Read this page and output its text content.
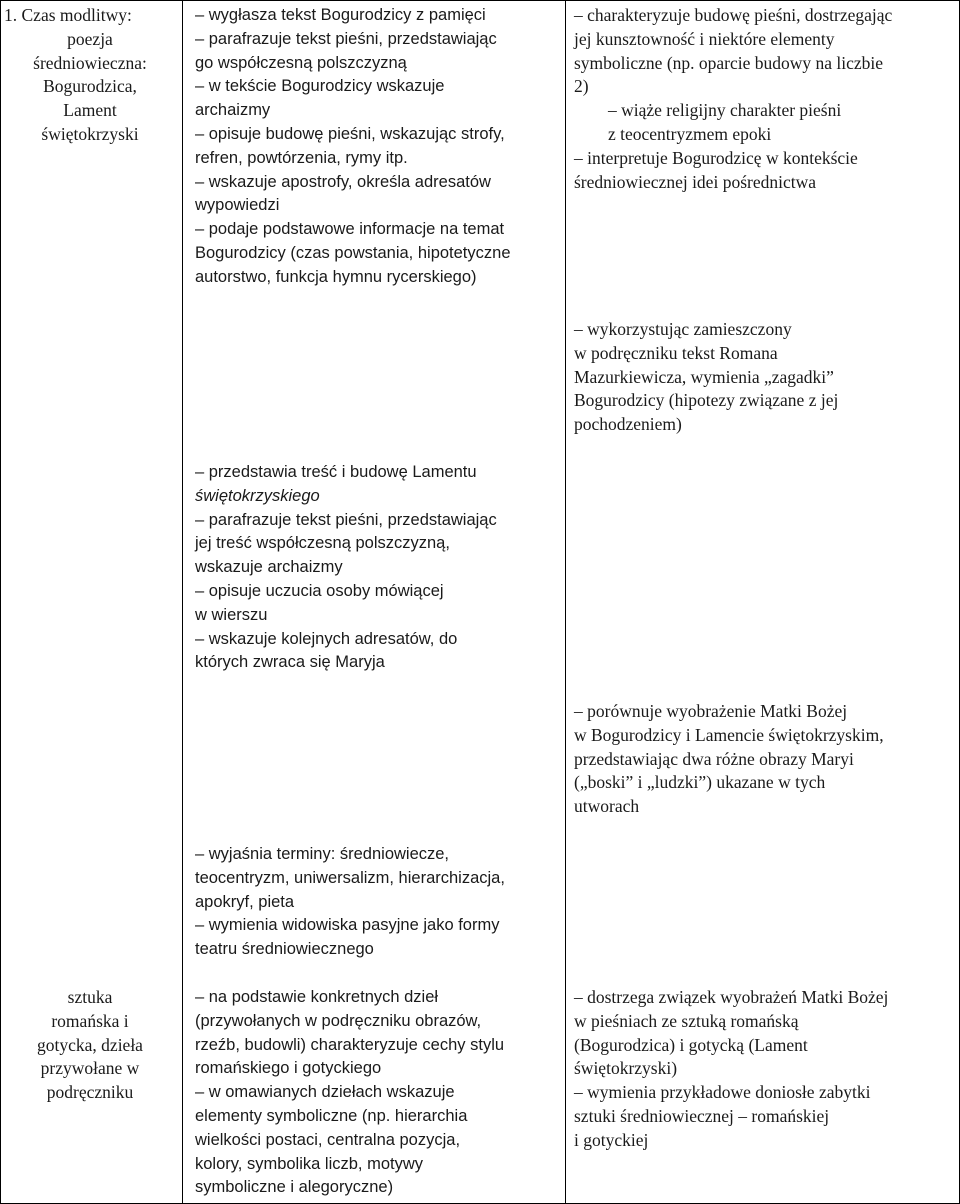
1. Czas modlitwy:
poezja
średniowieczna:
Bogurodzica,
Lament
świętokrzyski
– wygłasza tekst Bogurodzicy z pamięci
– parafrazuje tekst pieśni, przedstawiając
go współczesną polszczyzną
– w tekście Bogurodzicy wskazuje
archaizmy
– opisuje budowę pieśni, wskazując strofy,
refren, powtórzenia, rymy itp.
– wskazuje apostrofy, określa adresatów
wypowiedzi
– podaje podstawowe informacje na temat
Bogurodzicy (czas powstania, hipotetyczne
autorstwo, funkcja hymnu rycerskiego)
– charakteryzuje budowę pieśni, dostrzegając
jej kunsztowność i niektóre elementy
symboliczne (np. oparcie budowy na liczbie
2)
– wiąże religijny charakter pieśni
z teocentryzmem epoki
– interpretuje Bogurodzicę w kontekście
średniowiecznej idei pośrednictwa
– wykorzystując zamieszczony
w podręczniku tekst Romana
Mazurkiewicza, wymienia „zagadki”
Bogurodzicy (hipotezy związane z jej
pochodzeniem)
– przedstawia treść i budowę Lamentu
świętokrzyskiego
– parafrazuje tekst pieśni, przedstawiając
jej treść współczesną polszczyzną,
wskazuje archaizmy
– opisuje uczucia osoby mówiącej
w wierszu
– wskazuje kolejnych adresatów, do
których zwraca się Maryja
– porównuje wyobrażenie Matki Bożej
w Bogurodzicy i Lamencie świętokrzyskim,
przedstawiając dwa różne obrazy Maryi
(„boski” i „ludzki”) ukazane w tych
utworach
– wyjaśnia terminy: średniowiecze,
teocentryzm, uniwersalizm, hierarchizacja,
apokryf, pieta
– wymienia widowiska pasyjne jako formy
teatru średniowiecznego
sztuka
romańska i
gotycka, dzieła
przywołane w
podręczniku
– na podstawie konkretnych dzieł
(przywołanych w podręczniku obrazów,
rzeźb, budowli) charakteryzuje cechy stylu
romańskiego i gotyckiego
– w omawianych dziełach wskazuje
elementy symboliczne (np. hierarchia
wielkości postaci, centralna pozycja,
kolory, symbolika liczb, motywy
symboliczne i alegoryczne)
– dostrzega związek wyobrażeń Matki Bożej
w pieśniach ze sztuką romańską
(Bogurodzica) i gotycką (Lament
świętokrzyski)
– wymienia przykładowe doniosłe zabytki
sztuki średniowiecznej – romańskiej
i gotyckiej
